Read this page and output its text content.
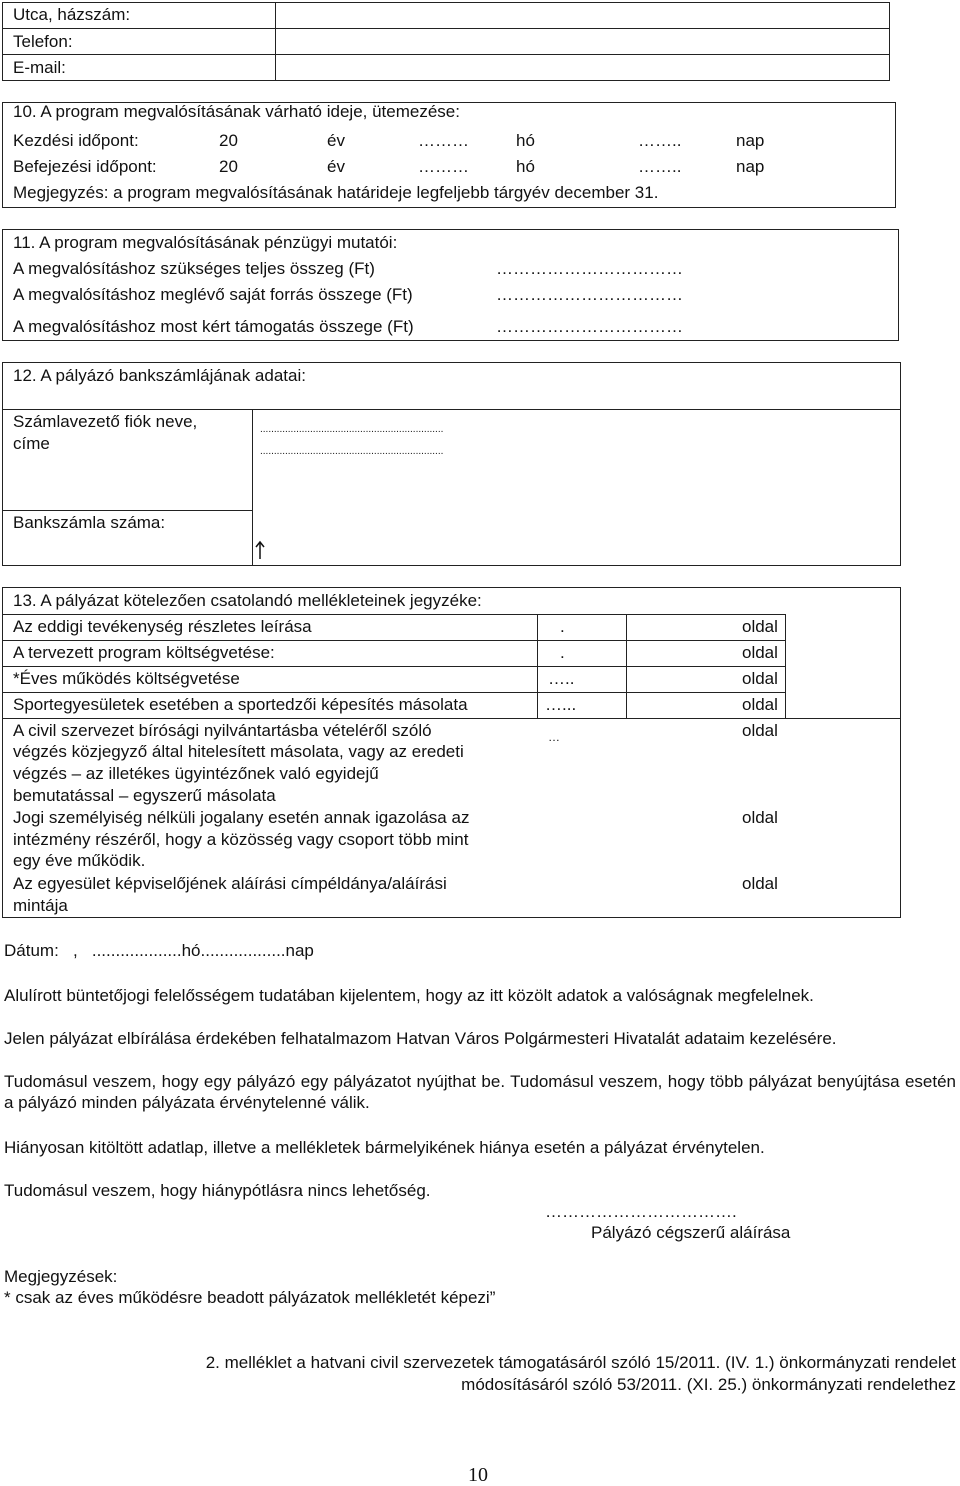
Utca, házszám:
Telefon:
E-mail:
10. A program megvalósításának várható ideje, ütemezése:
Kezdési időpont:	20	év	………	hó	……..	nap
Befejezési időpont:	20	év	………	hó	……..	nap
Megjegyzés: a program megvalósításának határideje legfeljebb tárgyév december 31.
11. A program megvalósításának pénzügyi mutatói:
A megvalósításhoz szükséges teljes összeg (Ft)	……………………………
A megvalósításhoz meglévő saját forrás összege (Ft)	……………………………
A megvalósításhoz most kért támogatás összege (Ft)	……………………………
12. A pályázó bankszámlájának adatai:
Számlavezető fiók neve,
címe
..................................................................
..................................................................
Bankszámla száma:
13. A pályázat kötelezően csatolandó mellékleteinek jegyzéke:
Az eddigi tevékenység részletes leírása	.	oldal
A tervezett program költségvetése:	.	oldal
*Éves működés költségvetése	…..	oldal
Sportegyesületek esetében a sportedzői képesítés másolata	…...	oldal
A civil szervezet bírósági nyilvántartásba vételéről szóló
végzés közjegyző által hitelesített másolata, vagy az eredeti
végzés – az illetékes ügyintézőnek való egyidejű
bemutatással – egyszerű másolata
…	oldal
Jogi személyiség nélküli jogalany esetén annak igazolása az
intézmény részéről, hogy a közösség vagy csoport több mint
egy éve működik.
oldal
Az egyesület képviselőjének aláírási címpéldánya/aláírási
mintája
oldal
Dátum:   ,   ...................hó..................nap
Alulírott büntetőjogi felelősségem tudatában kijelentem, hogy az itt közölt adatok a valóságnak megfelelnek.
Jelen pályázat elbírálása érdekében felhatalmazom Hatvan Város Polgármesteri Hivatalát adataim kezelésére.
Tudomásul veszem, hogy egy pályázó egy pályázatot nyújthat be. Tudomásul veszem, hogy több pályázat benyújtása esetén a pályázó minden pályázata érvénytelenné válik.
Hiányosan kitöltött adatlap, illetve a mellékletek bármelyikének hiánya esetén a pályázat érvénytelen.
Tudomásul veszem, hogy hiánypótlásra nincs lehetőség.
…………………………….
Pályázó cégszerű aláírása
Megjegyzések:
* csak az éves működésre beadott pályázatok mellékletét képezi”
2. melléklet a hatvani civil szervezetek támogatásáról szóló 15/2011. (IV. 1.) önkormányzati rendelet
módosításáról szóló 53/2011. (XI. 25.) önkormányzati rendelethez
10
